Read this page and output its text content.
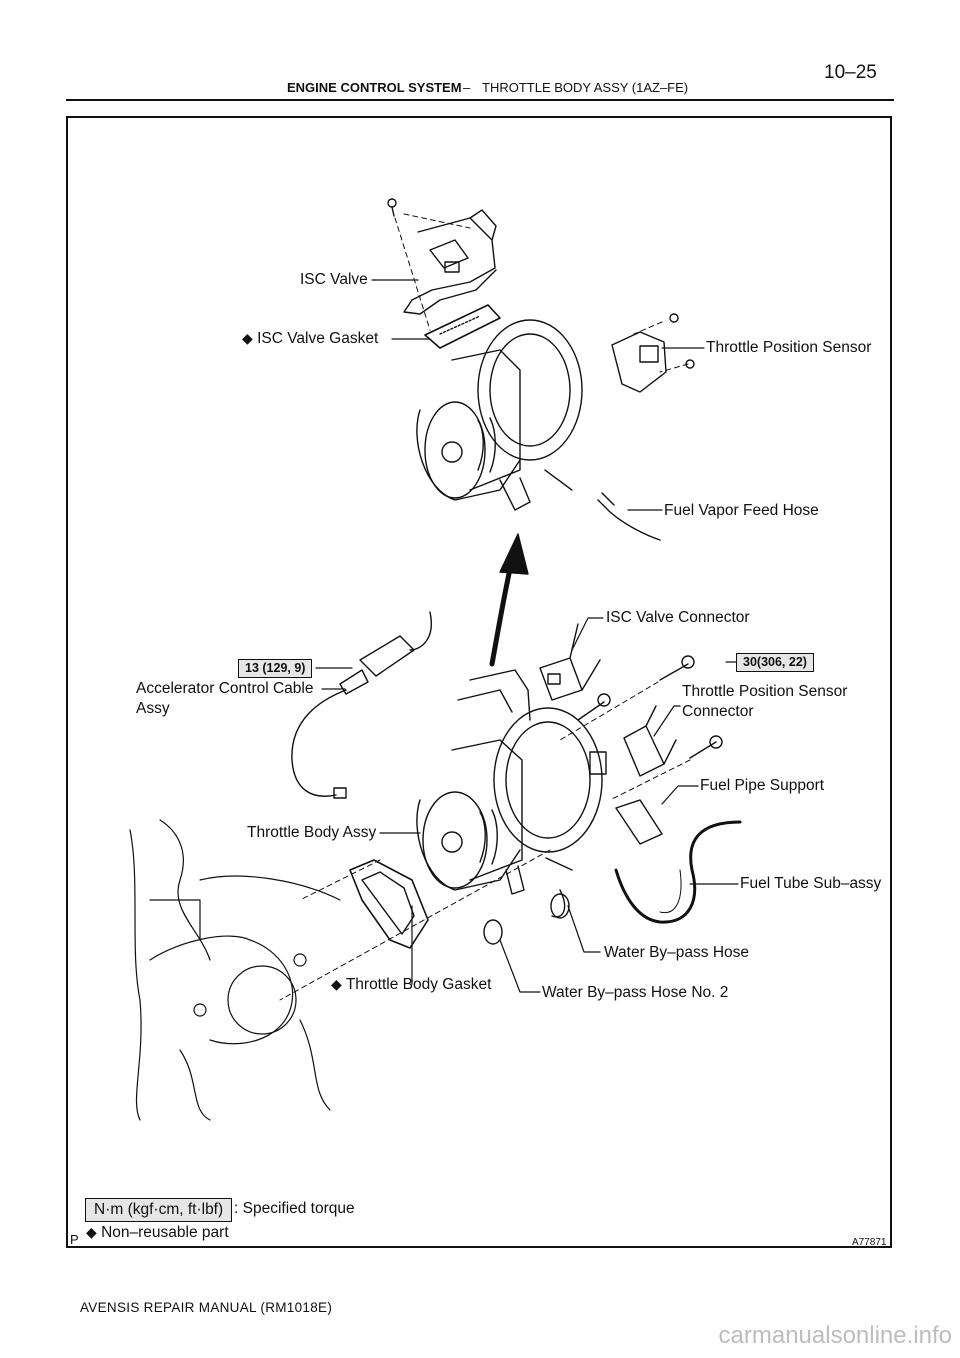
10–25
ENGINE CONTROL SYSTEM – THROTTLE BODY ASSY (1AZ–FE)
ISC Valve
◆ ISC Valve Gasket
Throttle Position Sensor
Fuel Vapor Feed Hose
ISC Valve Connector
13 (129, 9)	30(306, 22)
Accelerator Control Cable
Assy
Throttle Position Sensor
Connector
Fuel Pipe Support
Throttle Body Assy
Fuel Tube Sub–assy
Water By–pass Hose
◆ Throttle Body Gasket	Water By–pass Hose No. 2
N·m (kgf·cm, ft·lbf) : Specified torque
◆ Non–reusable part
P	A77871
AVENSIS REPAIR MANUAL (RM1018E)
carmanualsonline.info
